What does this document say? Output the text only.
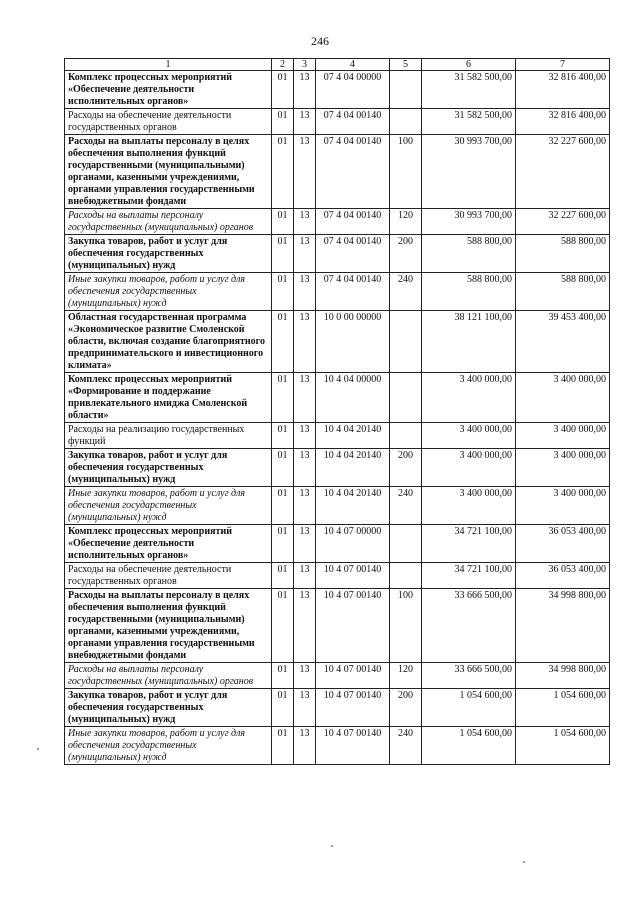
246
1	2	3	4	5	6	7
Комплекс процессных мероприятий «Обеспечение деятельности исполнительных органов»	01	13	07 4 04 00000		31 582 500,00	32 816 400,00
Расходы на обеспечение деятельности государственных органов	01	13	07 4 04 00140		31 582 500,00	32 816 400,00
Расходы на выплаты персоналу в целях обеспечения выполнения функций государственными (муниципальными) органами, казенными учреждениями, органами управления государственными внебюджетными фондами	01	13	07 4 04 00140	100	30 993 700,00	32 227 600,00
Расходы на выплаты персоналу государственных (муниципальных) органов	01	13	07 4 04 00140	120	30 993 700,00	32 227 600,00
Закупка товаров, работ и услуг для обеспечения государственных (муниципальных) нужд	01	13	07 4 04 00140	200	588 800,00	588 800,00
Иные закупки товаров, работ и услуг для обеспечения государственных (муниципальных) нужд	01	13	07 4 04 00140	240	588 800,00	588 800,00
Областная государственная программа «Экономическое развитие Смоленской области, включая создание благоприятного предпринимательского и инвестиционного климата»	01	13	10 0 00 00000		38 121 100,00	39 453 400,00
Комплекс процессных мероприятий «Формирование и поддержание привлекательного имиджа Смоленской области»	01	13	10 4 04 00000		3 400 000,00	3 400 000,00
Расходы на реализацию государственных функций	01	13	10 4 04 20140		3 400 000,00	3 400 000,00
Закупка товаров, работ и услуг для обеспечения государственных (муниципальных) нужд	01	13	10 4 04 20140	200	3 400 000,00	3 400 000,00
Иные закупки товаров, работ и услуг для обеспечения государственных (муниципальных) нужд	01	13	10 4 04 20140	240	3 400 000,00	3 400 000,00
Комплекс процессных мероприятий «Обеспечение деятельности исполнительных органов»	01	13	10 4 07 00000		34 721 100,00	36 053 400,00
Расходы на обеспечение деятельности государственных органов	01	13	10 4 07 00140		34 721 100,00	36 053 400,00
Расходы на выплаты персоналу в целях обеспечения выполнения функций государственными (муниципальными) органами, казенными учреждениями, органами управления государственными внебюджетными фондами	01	13	10 4 07 00140	100	33 666 500,00	34 998 800,00
Расходы на выплаты персоналу государственных (муниципальных) органов	01	13	10 4 07 00140	120	33 666 500,00	34 998 800,00
Закупка товаров, работ и услуг для обеспечения государственных (муниципальных) нужд	01	13	10 4 07 00140	200	1 054 600,00	1 054 600,00
Иные закупки товаров, работ и услуг для обеспечения государственных (муниципальных) нужд	01	13	10 4 07 00140	240	1 054 600,00	1 054 600,00
